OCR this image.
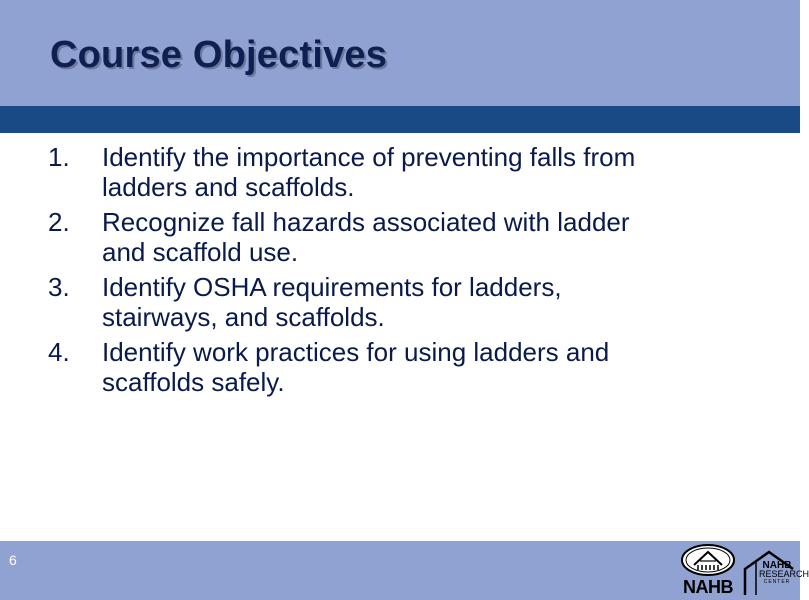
Course Objectives
1.	Identify the importance of preventing falls from
ladders and scaffolds.
2.	Recognize fall hazards associated with ladder
and scaffold use.
3.	Identify OSHA requirements for ladders,
stairways, and scaffolds.
4.	Identify work practices for using ladders and
scaffolds safely.
6
NAHB
NAHB
RESEARCH
CENTER
